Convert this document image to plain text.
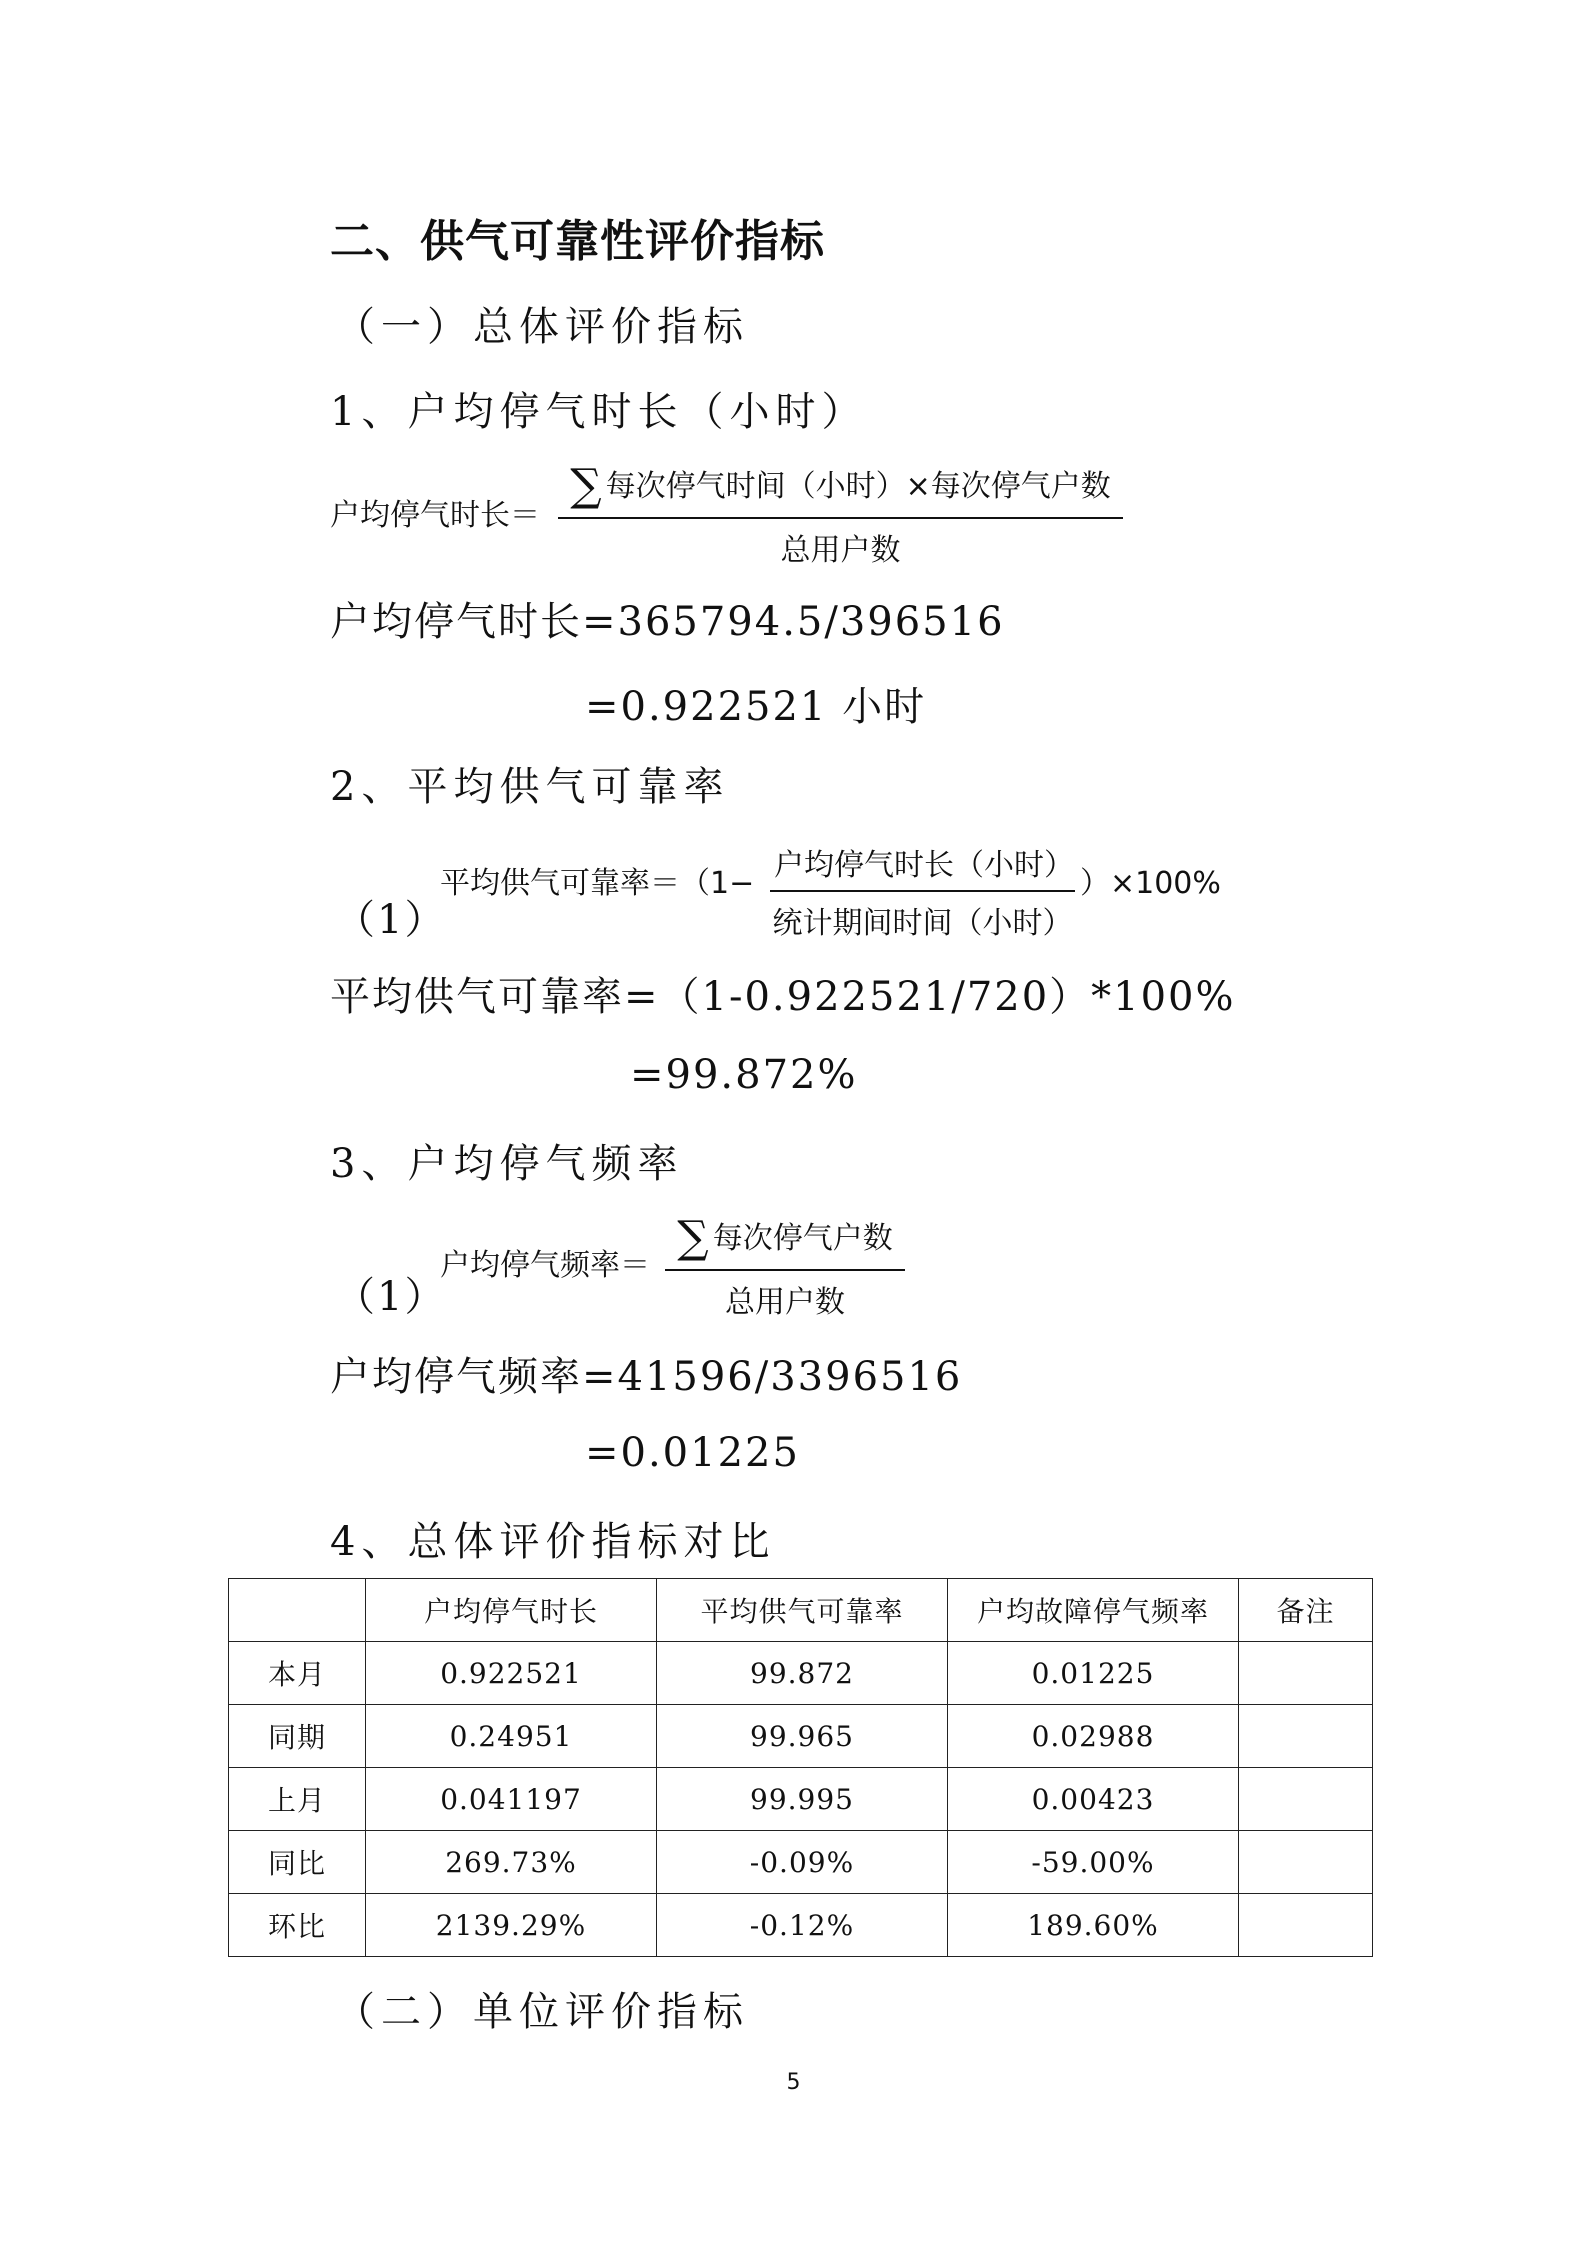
二、供气可靠性评价指标
（一）总体评价指标
1、户均停气时长（小时）
户均停气时长＝
∑ 每次停气时间（小时）×每次停气户数
总用户数
户均停气时长=365794.5/396516
=0.922521 小时
2、平均供气可靠率
（1）
平均供气可靠率＝（1−
户均停气时长（小时）
统计期间时间（小时）
）×100%
平均供气可靠率=（1-0.922521/720）*100%
=99.872%
3、户均停气频率
（1）
户均停气频率＝
∑ 每次停气户数
总用户数
户均停气频率=41596/3396516
=0.01225
4、总体评价指标对比
	户均停气时长	平均供气可靠率	户均故障停气频率	备注
本月	0.922521	99.872	0.01225	
同期	0.24951	99.965	0.02988	
上月	0.041197	99.995	0.00423	
同比	269.73%	-0.09%	-59.00%	
环比	2139.29%	-0.12%	189.60%	
（二）单位评价指标
5
